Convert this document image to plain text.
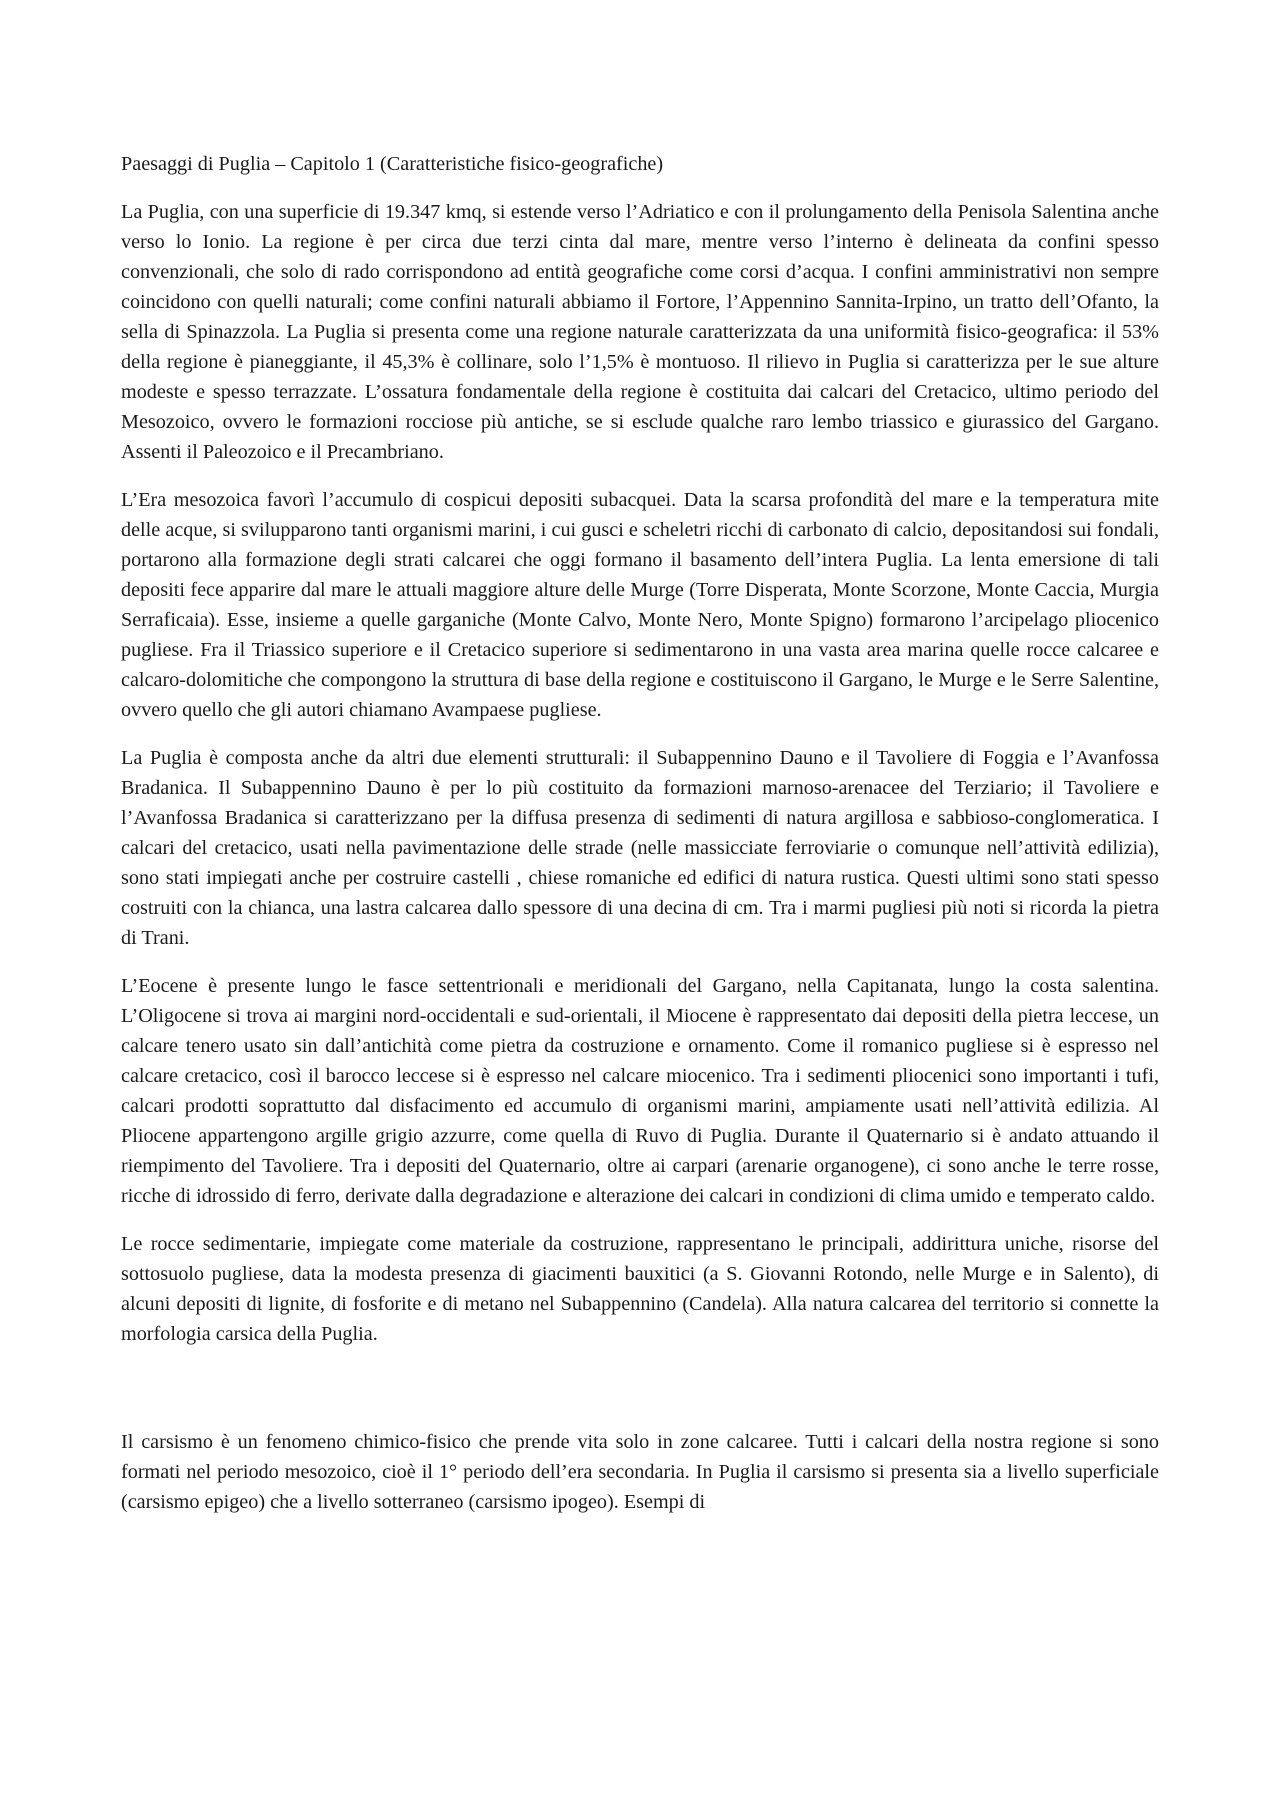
Paesaggi di Puglia – Capitolo 1 (Caratteristiche fisico-geografiche)

La Puglia, con una superficie di 19.347 kmq, si estende verso l’Adriatico e con il prolungamento della Penisola Salentina anche verso lo Ionio. La regione è per circa due terzi cinta dal mare, mentre verso l’interno è delineata da confini spesso convenzionali, che solo di rado corrispondono ad entità geografiche come corsi d’acqua. I confini amministrativi non sempre coincidono con quelli naturali; come confini naturali abbiamo il Fortore, l’Appennino Sannita-Irpino, un tratto dell’Ofanto, la sella di Spinazzola. La Puglia si presenta come una regione naturale caratterizzata da una uniformità fisico-geografica: il 53% della regione è pianeggiante, il 45,3% è collinare, solo l’1,5% è montuoso. Il rilievo in Puglia si caratterizza per le sue alture modeste e spesso terrazzate. L’ossatura fondamentale della regione è costituita dai calcari del Cretacico, ultimo periodo del Mesozoico, ovvero le formazioni rocciose più antiche, se si esclude qualche raro lembo triassico e giurassico del Gargano. Assenti il Paleozoico e il Precambriano.

L’Era mesozoica favorì l’accumulo di cospicui depositi subacquei. Data la scarsa profondità del mare e la temperatura mite delle acque, si svilupparono tanti organismi marini, i cui gusci e scheletri ricchi di carbonato di calcio, depositandosi sui fondali, portarono alla formazione degli strati calcarei che oggi formano il basamento dell’intera Puglia. La lenta emersione di tali depositi fece apparire dal mare le attuali maggiore alture delle Murge (Torre Disperata, Monte Scorzone, Monte Caccia, Murgia Serraficaia). Esse, insieme a quelle garganiche (Monte Calvo, Monte Nero, Monte Spigno) formarono l’arcipelago pliocenico pugliese. Fra il Triassico superiore e il Cretacico superiore si sedimentarono in una vasta area marina quelle rocce calcaree e calcaro-dolomitiche che compongono la struttura di base della regione e costituiscono il Gargano, le Murge e le Serre Salentine, ovvero quello che gli autori chiamano Avampaese pugliese.

La Puglia è composta anche da altri due elementi strutturali: il Subappennino Dauno e il Tavoliere di Foggia e l’Avanfossa Bradanica. Il Subappennino Dauno è per lo più costituito da formazioni marnoso-arenacee del Terziario; il Tavoliere e l’Avanfossa Bradanica si caratterizzano per la diffusa presenza di sedimenti di natura argillosa e sabbioso-conglomeratica. I calcari del cretacico, usati nella pavimentazione delle strade (nelle massicciate ferroviarie o comunque nell’attività edilizia), sono stati impiegati anche per costruire castelli , chiese romaniche ed edifici di natura rustica. Questi ultimi sono stati spesso costruiti con la chianca, una lastra calcarea dallo spessore di una decina di cm. Tra i marmi pugliesi più noti si ricorda la pietra di Trani.

L’Eocene è presente lungo le fasce settentrionali e meridionali del Gargano, nella Capitanata, lungo la costa salentina. L’Oligocene si trova ai margini nord-occidentali e sud-orientali, il Miocene è rappresentato dai depositi della pietra leccese, un calcare tenero usato sin dall’antichità come pietra da costruzione e ornamento. Come il romanico pugliese si è espresso nel calcare cretacico, così il barocco leccese si è espresso nel calcare miocenico. Tra i sedimenti pliocenici sono importanti i tufi, calcari prodotti soprattutto dal disfacimento ed accumulo di organismi marini, ampiamente usati nell’attività edilizia. Al Pliocene appartengono argille grigio azzurre, come quella di Ruvo di Puglia. Durante il Quaternario si è andato attuando il riempimento del Tavoliere. Tra i depositi del Quaternario, oltre ai carpari (arenarie organogene), ci sono anche le terre rosse, ricche di idrossido di ferro, derivate dalla degradazione e alterazione dei calcari in condizioni di clima umido e temperato caldo.

Le rocce sedimentarie, impiegate come materiale da costruzione, rappresentano le principali, addirittura uniche, risorse del sottosuolo pugliese, data la modesta presenza di giacimenti bauxitici (a S. Giovanni Rotondo, nelle Murge e in Salento), di alcuni depositi di lignite, di fosforite e di metano nel Subappennino (Candela). Alla natura calcarea del territorio si connette la morfologia carsica della Puglia.

Il carsismo è un fenomeno chimico-fisico che prende vita solo in zone calcaree. Tutti i calcari della nostra regione si sono formati nel periodo mesozoico, cioè il 1° periodo dell’era secondaria. In Puglia il carsismo si presenta sia a livello superficiale (carsismo epigeo) che a livello sotterraneo (carsismo ipogeo). Esempi di
